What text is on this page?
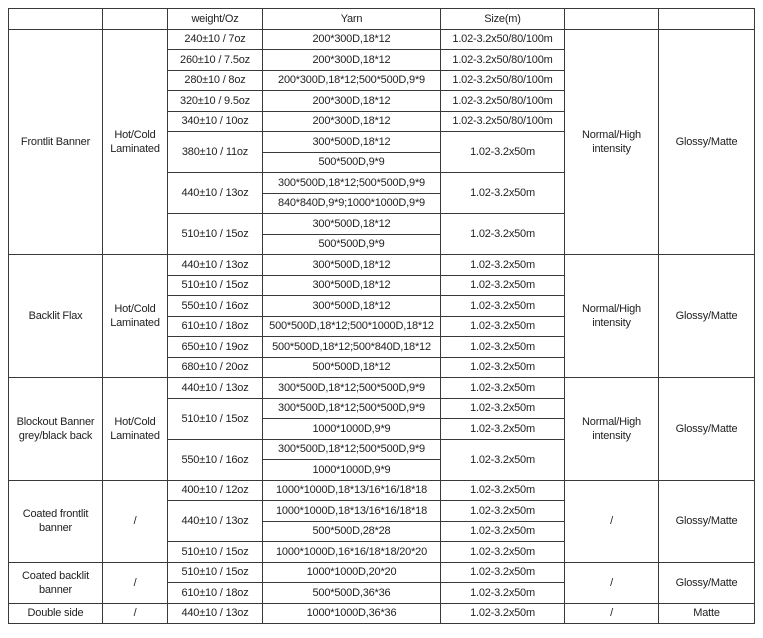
		weight/Oz	Yarn	Size(m)		
Frontlit Banner	Hot/Cold Laminated	240±10 / 7oz	200*300D,18*12	1.02-3.2x50/80/100m	Normal/High intensity	Glossy/Matte
		260±10 / 7.5oz	200*300D,18*12	1.02-3.2x50/80/100m		
		280±10 / 8oz	200*300D,18*12;500*500D,9*9	1.02-3.2x50/80/100m		
		320±10 / 9.5oz	200*300D,18*12	1.02-3.2x50/80/100m		
		340±10 / 10oz	200*300D,18*12	1.02-3.2x50/80/100m		
		380±10 / 11oz	300*500D,18*12	1.02-3.2x50m		
			500*500D,9*9			
		440±10 / 13oz	300*500D,18*12;500*500D,9*9	1.02-3.2x50m		
			840*840D,9*9;1000*1000D,9*9			
		510±10 / 15oz	300*500D,18*12	1.02-3.2x50m		
			500*500D,9*9			
Backlit Flax	Hot/Cold Laminated	440±10 / 13oz	300*500D,18*12	1.02-3.2x50m	Normal/High intensity	Glossy/Matte
		510±10 / 15oz	300*500D,18*12	1.02-3.2x50m		
		550±10 / 16oz	300*500D,18*12	1.02-3.2x50m		
		610±10 / 18oz	500*500D,18*12;500*1000D,18*12	1.02-3.2x50m		
		650±10 / 19oz	500*500D,18*12;500*840D,18*12	1.02-3.2x50m		
		680±10 / 20oz	500*500D,18*12	1.02-3.2x50m		
Blockout Banner grey/black back	Hot/Cold Laminated	440±10 / 13oz	300*500D,18*12;500*500D,9*9	1.02-3.2x50m	Normal/High intensity	Glossy/Matte
		510±10 / 15oz	300*500D,18*12;500*500D,9*9	1.02-3.2x50m		
			1000*1000D,9*9	1.02-3.2x50m		
		550±10 / 16oz	300*500D,18*12;500*500D,9*9	1.02-3.2x50m		
			1000*1000D,9*9			
Coated frontlit banner	/	400±10 / 12oz	1000*1000D,18*13/16*16/18*18	1.02-3.2x50m	/	Glossy/Matte
		440±10 / 13oz	1000*1000D,18*13/16*16/18*18	1.02-3.2x50m		
			500*500D,28*28	1.02-3.2x50m		
		510±10 / 15oz	1000*1000D,16*16/18*18/20*20	1.02-3.2x50m		
Coated backlit banner	/	510±10 / 15oz	1000*1000D,20*20	1.02-3.2x50m	/	Glossy/Matte
		610±10 / 18oz	500*500D,36*36	1.02-3.2x50m		
Double side	/	440±10 / 13oz	1000*1000D,36*36	1.02-3.2x50m	/	Matte
